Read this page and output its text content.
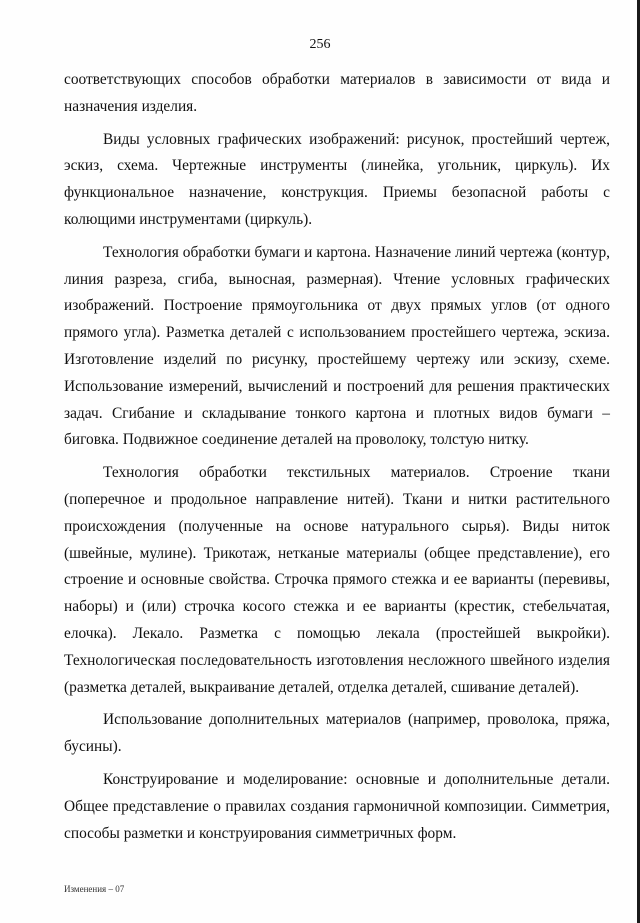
256

соответствующих способов обработки материалов в зависимости от вида и назначения изделия.

Виды условных графических изображений: рисунок, простейший чертеж, эскиз, схема. Чертежные инструменты (линейка, угольник, циркуль). Их функциональное назначение, конструкция. Приемы безопасной работы с колющими инструментами (циркуль).

Технология обработки бумаги и картона. Назначение линий чертежа (контур, линия разреза, сгиба, выносная, размерная). Чтение условных графических изображений. Построение прямоугольника от двух прямых углов (от одного прямого угла). Разметка деталей с использованием простейшего чертежа, эскиза. Изготовление изделий по рисунку, простейшему чертежу или эскизу, схеме. Использование измерений, вычислений и построений для решения практических задач. Сгибание и складывание тонкого картона и плотных видов бумаги – биговка. Подвижное соединение деталей на проволоку, толстую нитку.

Технология обработки текстильных материалов. Строение ткани (поперечное и продольное направление нитей). Ткани и нитки растительного происхождения (полученные на основе натурального сырья). Виды ниток (швейные, мулине). Трикотаж, нетканые материалы (общее представление), его строение и основные свойства. Строчка прямого стежка и ее варианты (перевивы, наборы) и (или) строчка косого стежка и ее варианты (крестик, стебельчатая, елочка). Лекало. Разметка с помощью лекала (простейшей выкройки). Технологическая последовательность изготовления несложного швейного изделия (разметка деталей, выкраивание деталей, отделка деталей, сшивание деталей).

Использование дополнительных материалов (например, проволока, пряжа, бусины).

Конструирование и моделирование: основные и дополнительные детали. Общее представление о правилах создания гармоничной композиции. Симметрия, способы разметки и конструирования симметричных форм.

Изменения – 07
